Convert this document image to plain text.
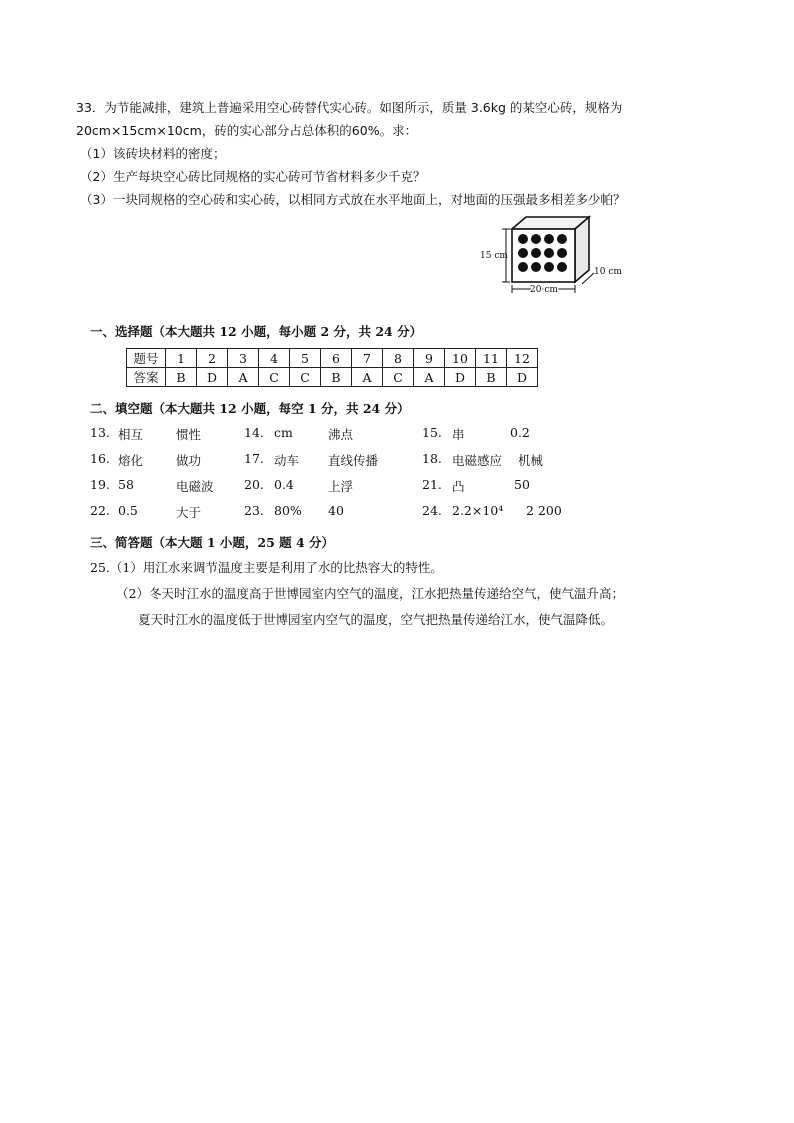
33．为节能减排，建筑上普遍采用空心砖替代实心砖。如图所示，质量 3.6kg 的某空心砖，规格为
20cm×15cm×10cm，砖的实心部分占总体积的60%。求：
（1）该砖块材料的密度；
（2）生产每块空心砖比同规格的实心砖可节省材料多少千克？
（3）一块同规格的空心砖和实心砖，以相同方式放在水平地面上，对地面的压强最多相差多少帕？
15 cm
20 cm
10 cm
一、选择题（本大题共 12 小题，每小题 2 分，共 24 分）
题号	1	2	3	4	5	6	7	8	9	10	11	12
答案	B	D	A	C	C	B	A	C	A	D	B	D
二、填空题（本大题共 12 小题，每空 1 分，共 24 分）
13. 相互	惯性	14. cm	沸点	15. 串	0.2
16. 熔化	做功	17. 动车 直线传播	18. 电磁感应 机械
19. 58	电磁波 20. 0.4	上浮	21. 凸	50
22. 0.5	大于	23. 80% 40	24. 2.2×10⁴ 2 200
三、简答题（本大题 1 小题，25 题 4 分）
25.（1）用江水来调节温度主要是利用了水的比热容大的特性。
（2）冬天时江水的温度高于世博园室内空气的温度，江水把热量传递给空气，使气温升高；
夏天时江水的温度低于世博园室内空气的温度，空气把热量传递给江水，使气温降低。
